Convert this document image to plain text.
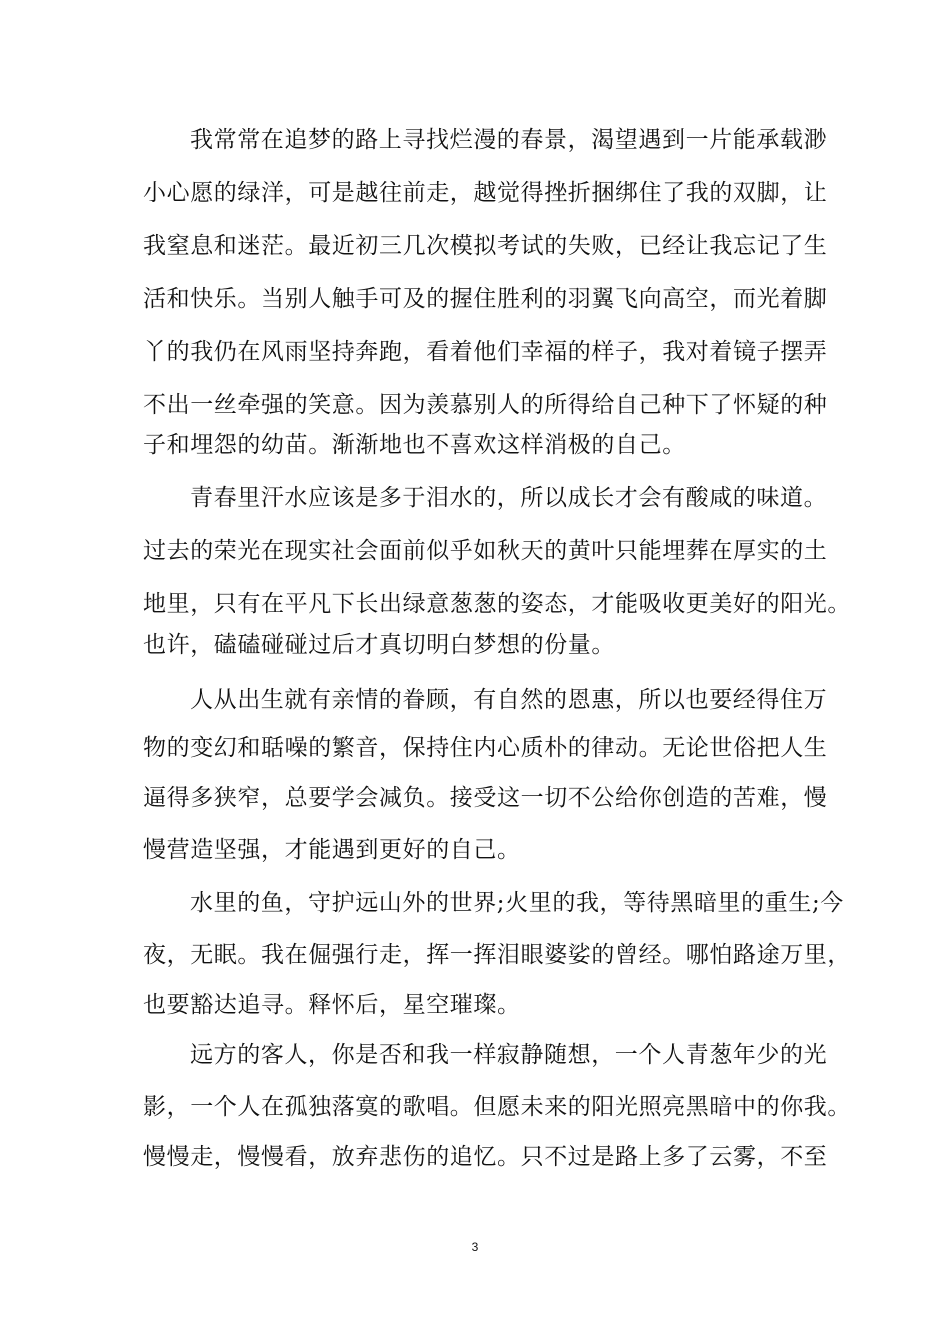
我常常在追梦的路上寻找烂漫的春景，渴望遇到一片能承载渺
小心愿的绿洋，可是越往前走，越觉得挫折捆绑住了我的双脚，让
我窒息和迷茫。最近初三几次模拟考试的失败，已经让我忘记了生
活和快乐。当别人触手可及的握住胜利的羽翼飞向高空，而光着脚
丫的我仍在风雨坚持奔跑，看着他们幸福的样子，我对着镜子摆弄
不出一丝牵强的笑意。因为羡慕别人的所得给自己种下了怀疑的种
子和埋怨的幼苗。渐渐地也不喜欢这样消极的自己。
青春里汗水应该是多于泪水的，所以成长才会有酸咸的味道。
过去的荣光在现实社会面前似乎如秋天的黄叶只能埋葬在厚实的土
地里，只有在平凡下长出绿意葱葱的姿态，才能吸收更美好的阳光。
也许，磕磕碰碰过后才真切明白梦想的份量。
人从出生就有亲情的眷顾，有自然的恩惠，所以也要经得住万
物的变幻和聒噪的繁音，保持住内心质朴的律动。无论世俗把人生
逼得多狭窄，总要学会减负。接受这一切不公给你创造的苦难，慢
慢营造坚强，才能遇到更好的自己。
水里的鱼，守护远山外的世界;火里的我，等待黑暗里的重生;今
夜，无眠。我在倔强行走，挥一挥泪眼婆娑的曾经。哪怕路途万里，
也要豁达追寻。释怀后，星空璀璨。
远方的客人，你是否和我一样寂静随想，一个人青葱年少的光
影，一个人在孤独落寞的歌唱。但愿未来的阳光照亮黑暗中的你我。
慢慢走，慢慢看，放弃悲伤的追忆。只不过是路上多了云雾，不至
3
